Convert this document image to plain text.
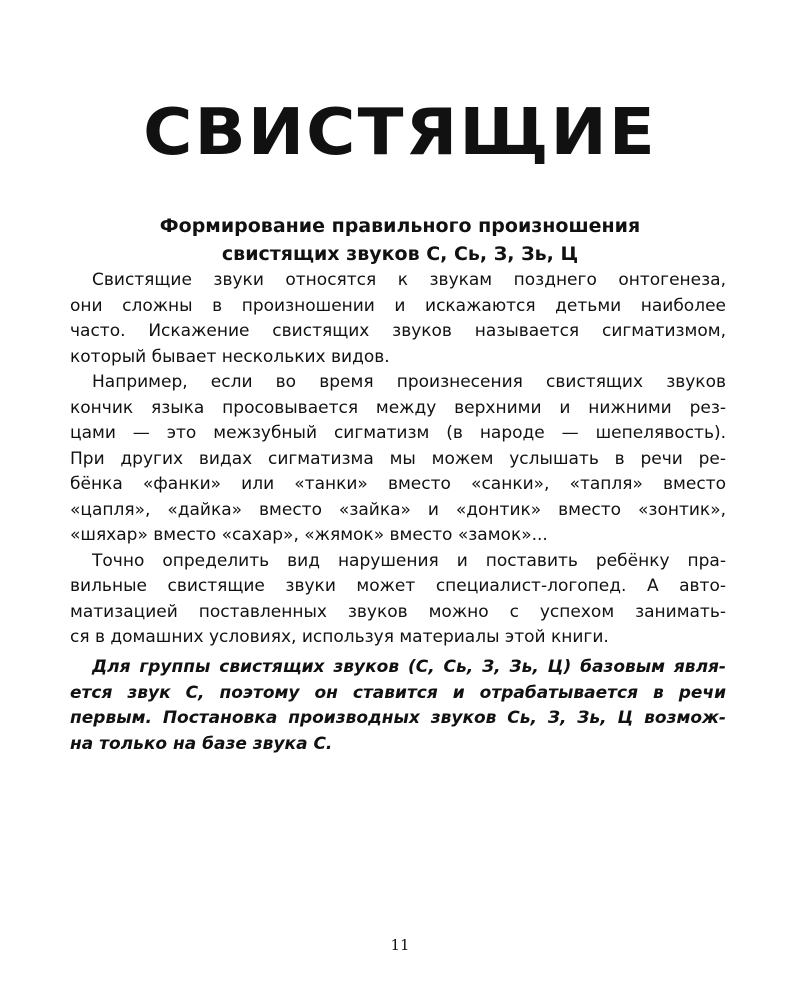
СВИСТЯЩИЕ
Формирование правильного произношения
свистящих звуков С, Сь, З, Зь, Ц

Свистящие звуки относятся к звукам позднего онтогенеза,
они сложны в произношении и искажаются детьми наиболее
часто. Искажение свистящих звуков называется сигматизмом,
который бывает нескольких видов.

Например, если во время произнесения свистящих звуков
кончик языка просовывается между верхними и нижними рез-
цами — это межзубный сигматизм (в народе — шепелявость).
При других видах сигматизма мы можем услышать в речи ре-
бёнка «фанки» или «танки» вместо «санки», «тапля» вместо
«цапля», «дайка» вместо «зайка» и «донтик» вместо «зонтик»,
«шяхар» вместо «сахар», «жямок» вместо «замок»...

Точно определить вид нарушения и поставить ребёнку пра-
вильные свистящие звуки может специалист-логопед. А авто-
матизацией поставленных звуков можно с успехом занимать-
ся в домашних условиях, используя материалы этой книги.

Для группы свистящих звуков (С, Сь, З, Зь, Ц) базовым явля-
ется звук С, поэтому он ставится и отрабатывается в речи
первым. Постановка производных звуков Сь, З, Зь, Ц возмож-
на только на базе звука С.
11
